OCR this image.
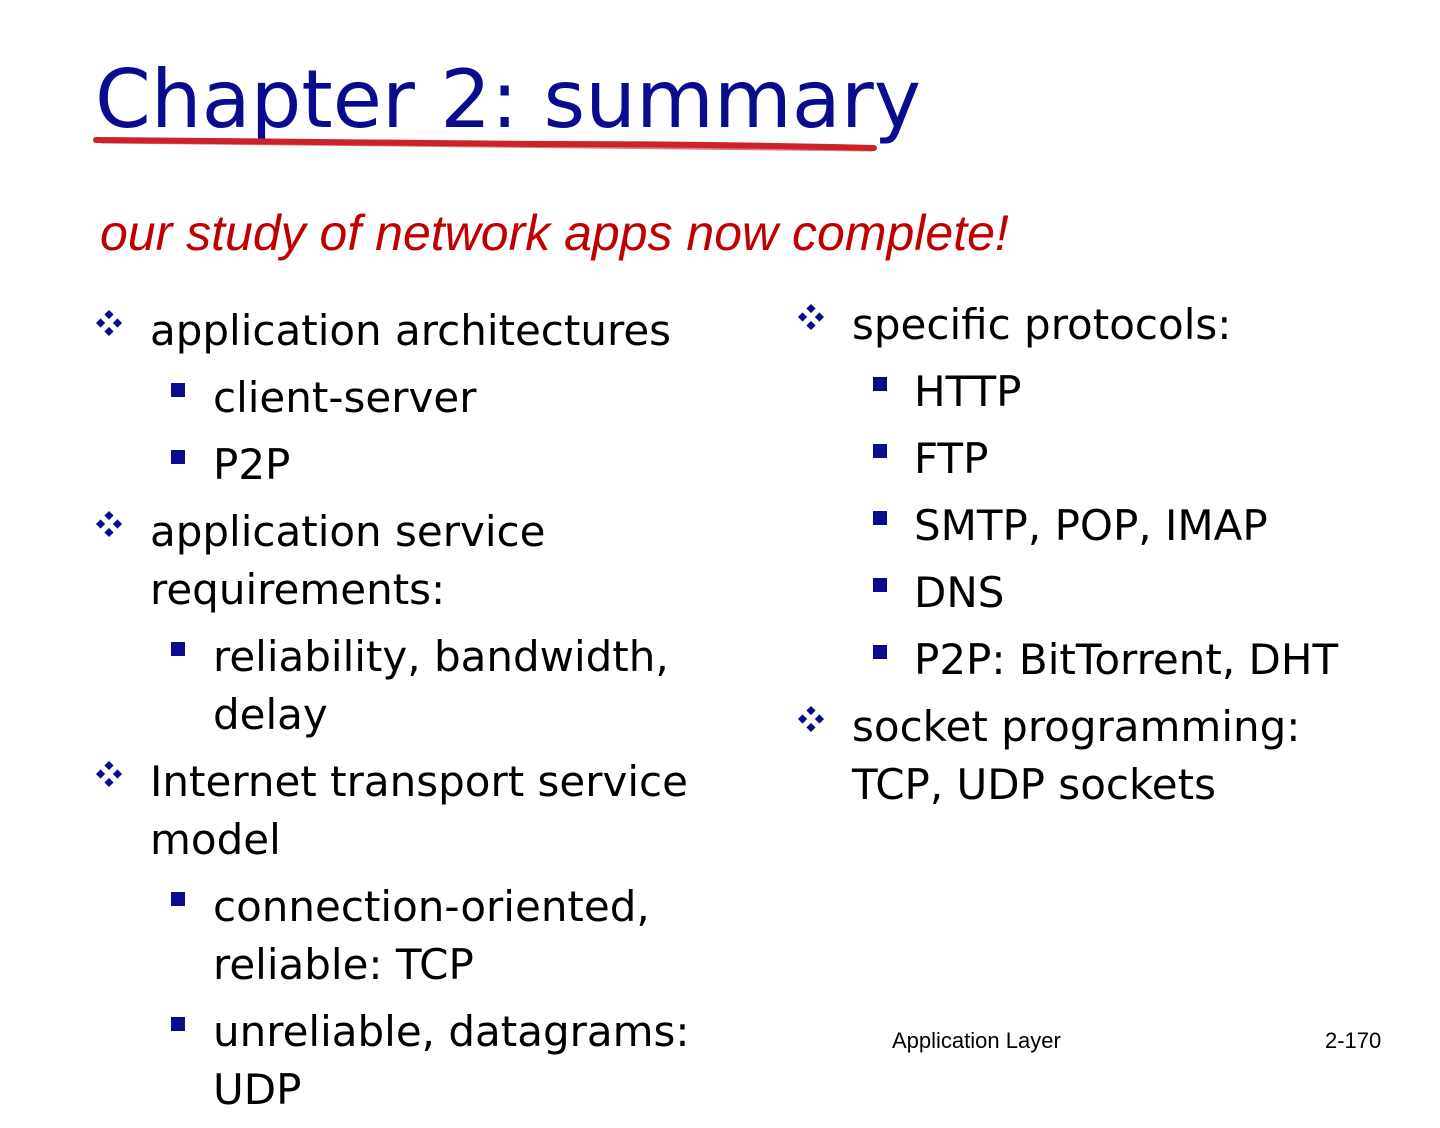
Chapter 2: summary

our study of network apps now complete!

application architectures
client-server
P2P
application service requirements:
reliability, bandwidth, delay
Internet transport service model
connection-oriented, reliable: TCP
unreliable, datagrams: UDP
specific protocols:
HTTP
FTP
SMTP, POP, IMAP
DNS
P2P: BitTorrent, DHT
socket programming: TCP, UDP sockets
Application Layer	2-170
